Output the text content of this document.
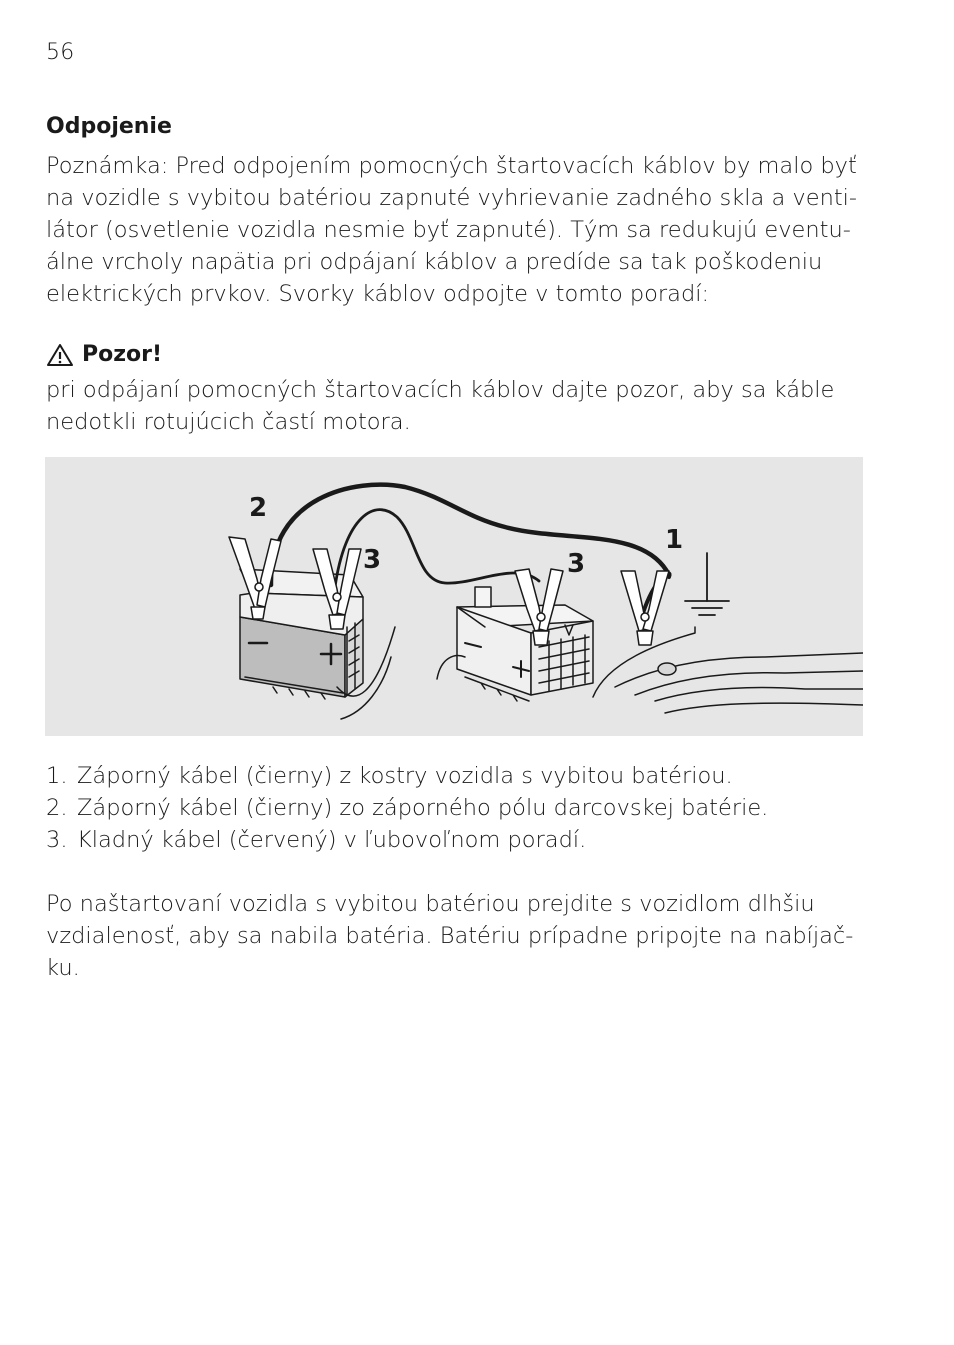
56
Odpojenie
Poznámka: Pred odpojením pomocných štartovacích káblov by malo byť
na vozidle s vybitou batériou zapnuté vyhrievanie zadného skla a venti-
látor (osvetlenie vozidla nesmie byť zapnuté). Tým sa redukujú eventu-
álne vrcholy napätia pri odpájaní káblov a predíde sa tak poškodeniu
elektrických prvkov. Svorky káblov odpojte v tomto poradí:
Pozor!
pri odpájaní pomocných štartovacích káblov dajte pozor, aby sa káble
nedotkli rotujúcich častí motora.
2
3	3
1
1. Záporný kábel (čierny) z kostry vozidla s vybitou batériou.
2. Záporný kábel (čierny) zo záporného pólu darcovskej batérie.
3. Kladný kábel (červený) v ľubovoľnom poradí.
Po naštartovaní vozidla s vybitou batériou prejdite s vozidlom dlhšiu
vzdialenosť, aby sa nabila batéria. Batériu prípadne pripojte na nabíjač-
ku.
